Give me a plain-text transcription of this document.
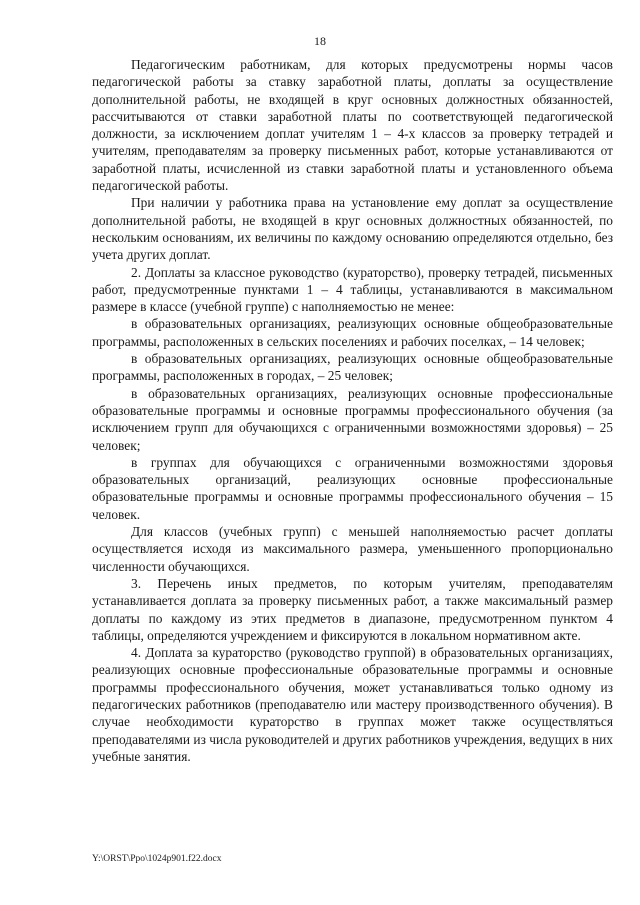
18

Педагогическим работникам, для которых предусмотрены нормы часов педагогической работы за ставку заработной платы, доплаты за осуществление дополнительной работы, не входящей в круг основных должностных обязанностей, рассчитываются от ставки заработной платы по соответствующей педагогической должности, за исключением доплат учителям 1 – 4-х классов за проверку тетрадей и учителям, преподавателям за проверку письменных работ, которые устанавливаются от заработной платы, исчисленной из ставки заработной платы и установленного объема педагогической работы.

При наличии у работника права на установление ему доплат за осуществление дополнительной работы, не входящей в круг основных должностных обязанностей, по нескольким основаниям, их величины по каждому основанию определяются отдельно, без учета других доплат.

2. Доплаты за классное руководство (кураторство), проверку тетрадей, письменных работ, предусмотренные пунктами 1 – 4 таблицы, устанавливаются в максимальном размере в классе (учебной группе) с наполняемостью не менее:

в образовательных организациях, реализующих основные общеобразовательные программы, расположенных в сельских поселениях и рабочих поселках, – 14 человек;

в образовательных организациях, реализующих основные общеобразовательные программы, расположенных в городах, – 25 человек;

в образовательных организациях, реализующих основные профессиональные образовательные программы и основные программы профессионального обучения (за исключением групп для обучающихся с ограниченными возможностями здоровья) – 25 человек;

в группах для обучающихся с ограниченными возможностями здоровья образовательных организаций, реализующих основные профессиональные образовательные программы и основные программы профессионального обучения – 15 человек.

Для классов (учебных групп) с меньшей наполняемостью расчет доплаты осуществляется исходя из максимального размера, уменьшенного пропорционально численности обучающихся.

3. Перечень иных предметов, по которым учителям, преподавателям устанавливается доплата за проверку письменных работ, а также максимальный размер доплаты по каждому из этих предметов в диапазоне, предусмотренном пунктом 4 таблицы, определяются учреждением и фиксируются в локальном нормативном акте.

4. Доплата за кураторство (руководство группой) в образовательных организациях, реализующих основные профессиональные образовательные программы и основные программы профессионального обучения, может устанавливаться только одному из педагогических работников (преподавателю или мастеру производственного обучения). В случае необходимости кураторство в группах может также осуществляться преподавателями из числа руководителей и других работников учреждения, ведущих в них учебные занятия.

Y:\ORST\Ppo\1024p901.f22.docx
